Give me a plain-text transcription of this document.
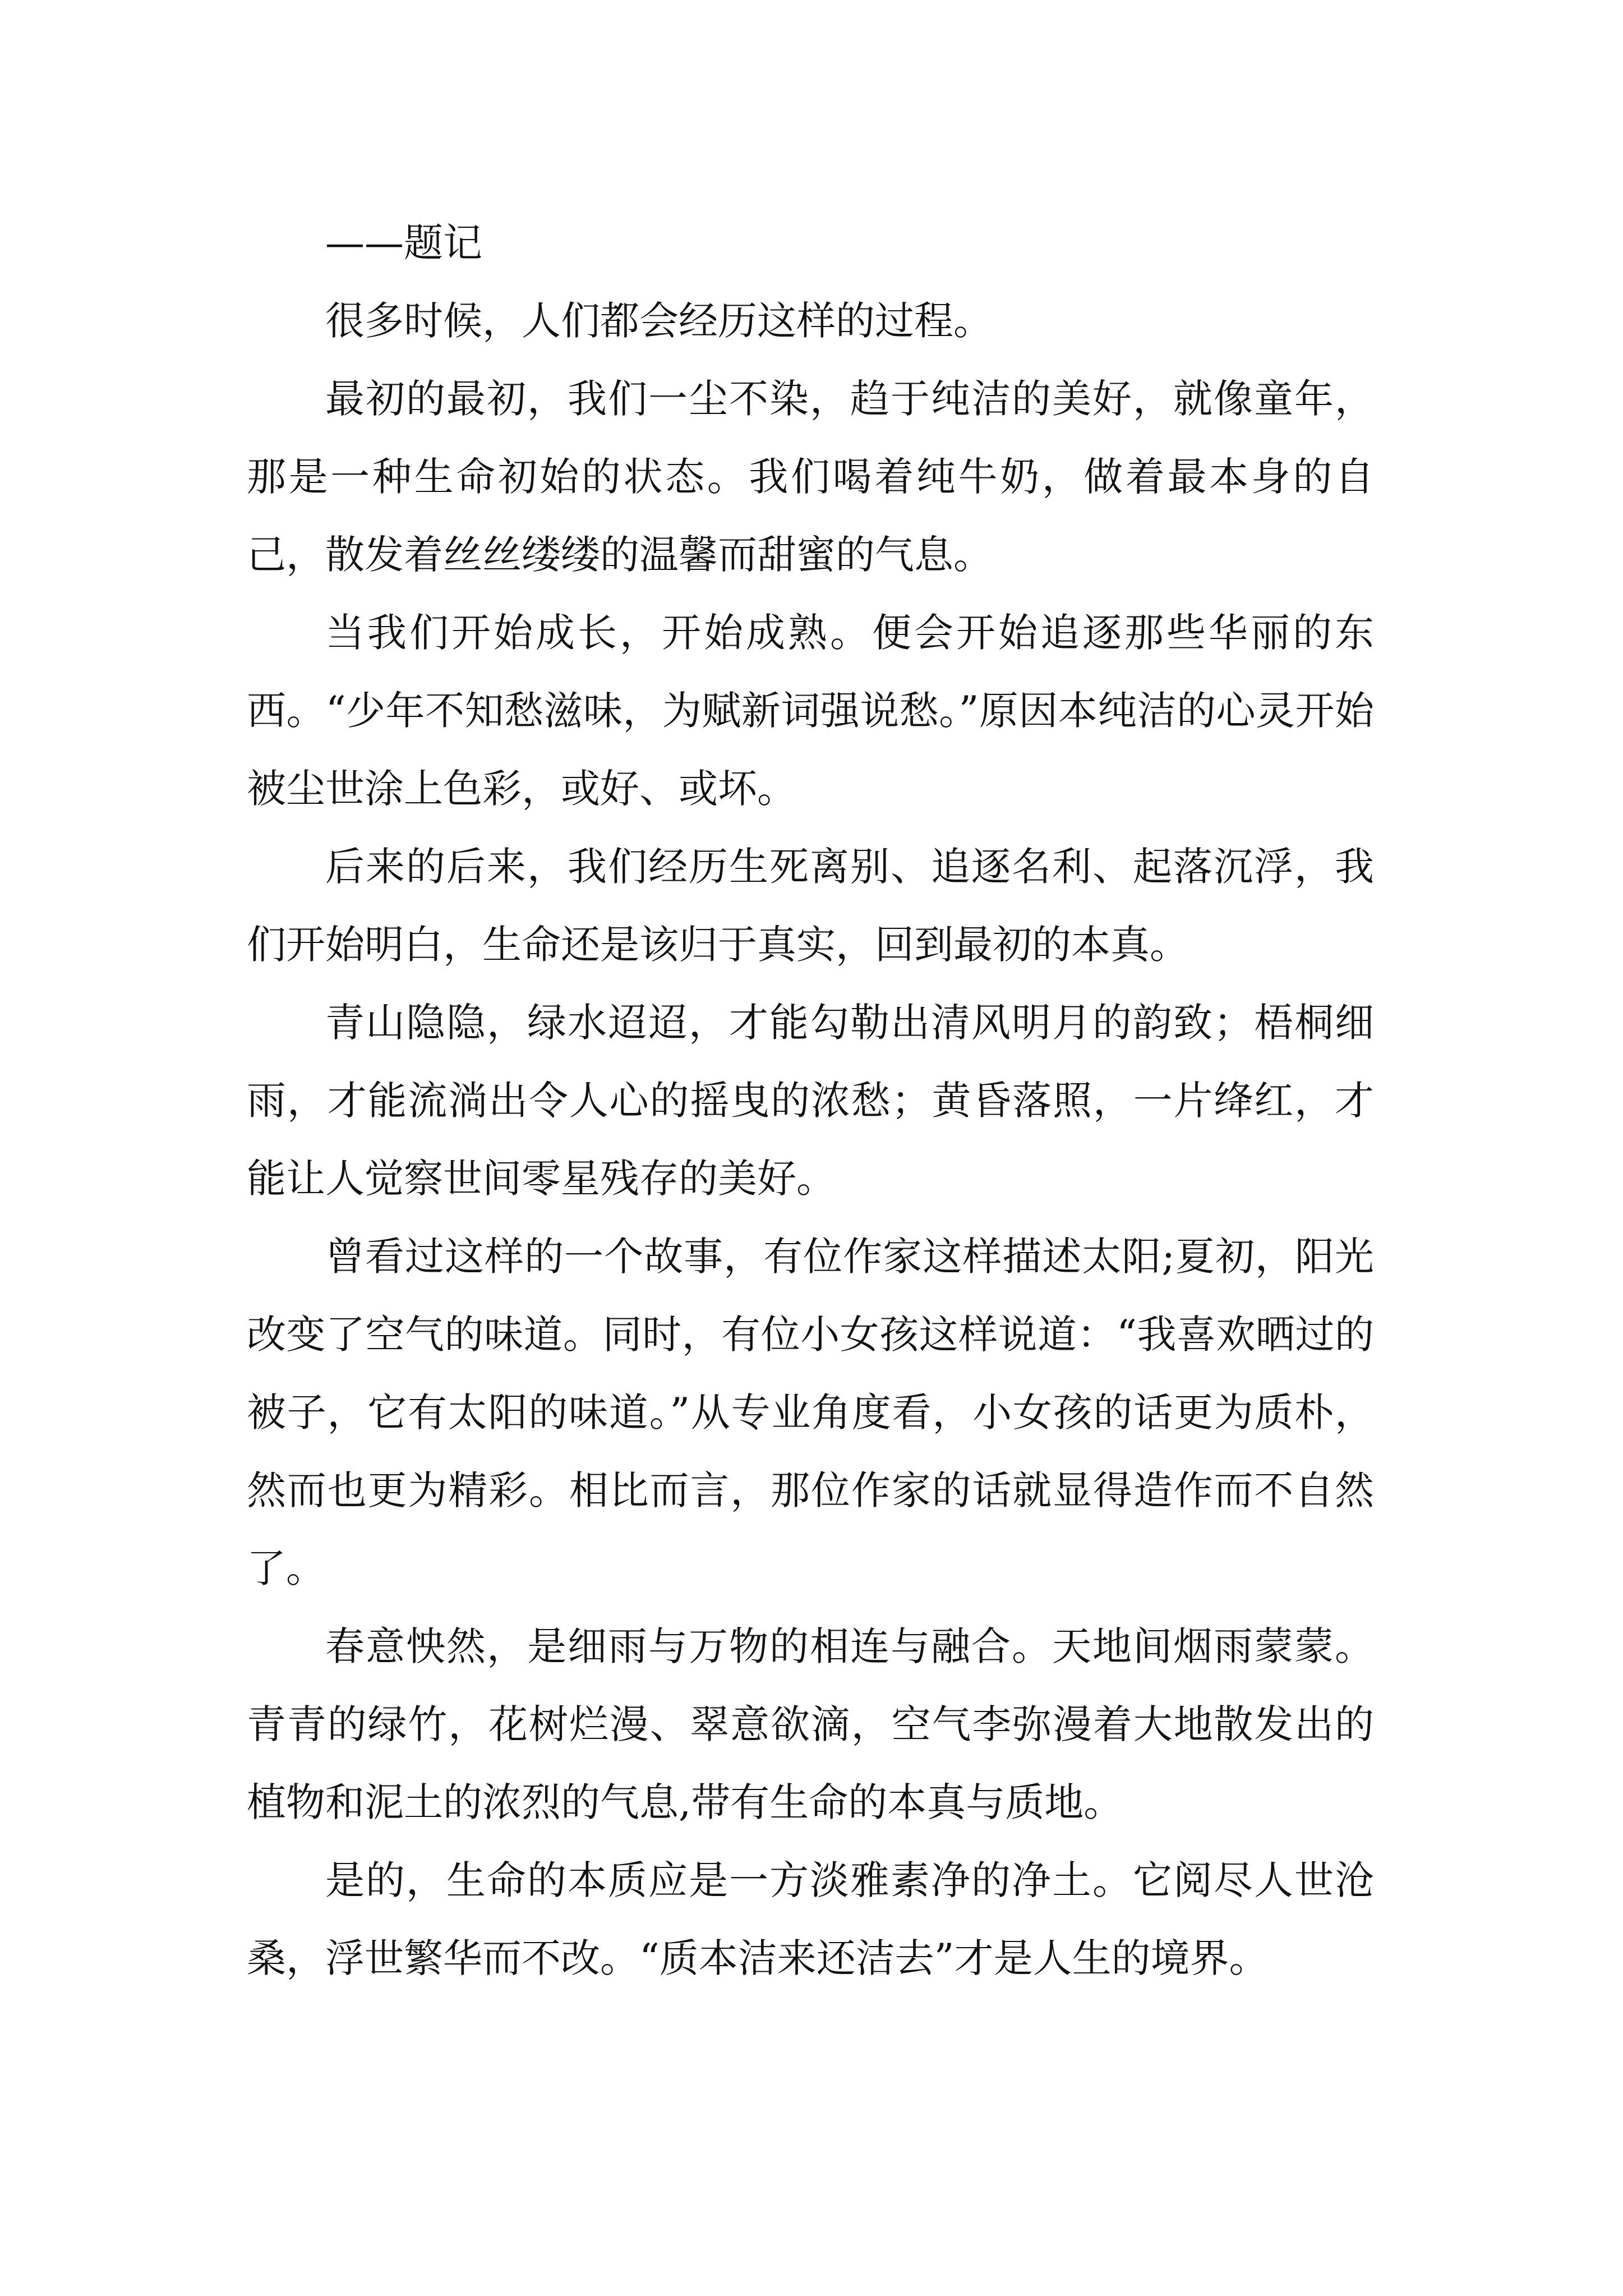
——题记

很多时候，人们都会经历这样的过程。

最初的最初，我们一尘不染，趋于纯洁的美好，就像童年，那是一种生命初始的状态。我们喝着纯牛奶，做着最本身的自己，散发着丝丝缕缕的温馨而甜蜜的气息。

当我们开始成长，开始成熟。便会开始追逐那些华丽的东西。“少年不知愁滋味，为赋新词强说愁。”原因本纯洁的心灵开始被尘世涂上色彩，或好、或坏。

后来的后来，我们经历生死离别、追逐名利、起落沉浮，我们开始明白，生命还是该归于真实，回到最初的本真。

青山隐隐，绿水迢迢，才能勾勒出清风明月的韵致；梧桐细雨，才能流淌出令人心的摇曳的浓愁；黄昏落照，一片绛红，才能让人觉察世间零星残存的美好。

曾看过这样的一个故事，有位作家这样描述太阳;夏初，阳光改变了空气的味道。同时，有位小女孩这样说道：“我喜欢晒过的被子，它有太阳的味道。”从专业角度看，小女孩的话更为质朴，然而也更为精彩。相比而言，那位作家的话就显得造作而不自然了。

春意怏然，是细雨与万物的相连与融合。天地间烟雨蒙蒙。青青的绿竹，花树烂漫、翠意欲滴，空气李弥漫着大地散发出的植物和泥土的浓烈的气息,带有生命的本真与质地。

是的，生命的本质应是一方淡雅素净的净土。它阅尽人世沧桑，浮世繁华而不改。“质本洁来还洁去”才是人生的境界。
